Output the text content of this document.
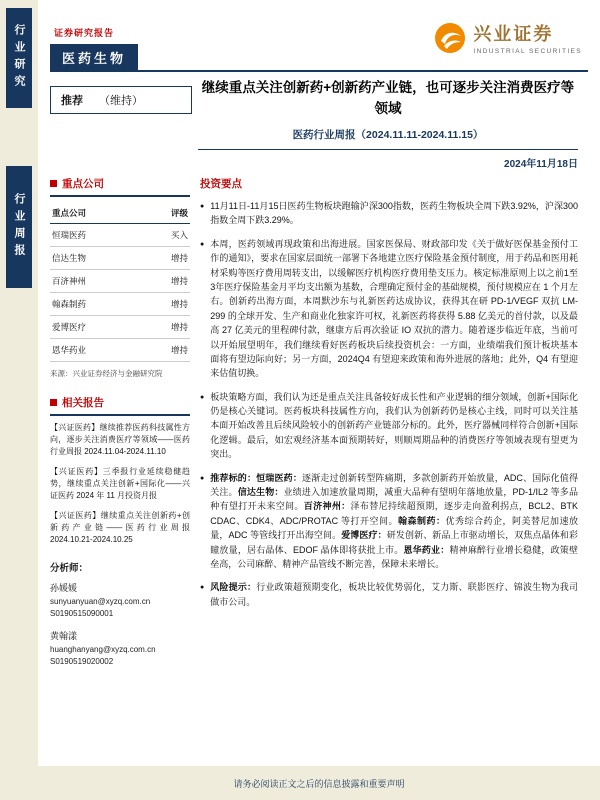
行业研究
行业周报
证券研究报告
医药生物
兴业证券
INDUSTRIAL SECURITIES
推荐 （维持）
继续重点关注创新药+创新药产业链，也可逐步关注消费医疗等领域
医药行业周报（2024.11.11-2024.11.15）
2024年11月18日
重点公司
重点公司	评级
恒瑞医药	买入
信达生物	增持
百济神州	增持
翰森制药	增持
爱博医疗	增持
恩华药业	增持
来源：兴业证券经济与金融研究院
相关报告
【兴证医药】继续推荐医药科技属性方向，逐步关注消费医疗等领域——医药行业周报 2024.11.04-2024.11.10
【兴证医药】三季报行业延续稳健趋势，继续重点关注创新+国际化——兴证医药 2024 年 11 月投资月报
【兴证医药】继续重点关注创新药+创新药产业链——医药行业周报 2024.10.21-2024.10.25
分析师：
孙媛媛
sunyuanyuan@xyzq.com.cn
S0190515090001
黄翰漾
huanghanyang@xyzq.com.cn
S0190519020002
投资要点
● 11月11日-11月15日医药生物板块跑输沪深300指数，医药生物板块全周下跌3.92%，沪深300指数全周下跌3.29%。
● 本周，医药领域再现政策和出海进展。国家医保局、财政部印发《关于做好医保基金预付工作的通知》，要求在国家层面统一部署下各地建立医疗保险基金预付制度，用于药品和医用耗材采购等医疗费用周转支出，以缓解医疗机构医疗费用垫支压力。核定标准原则上以之前1至3年医疗保险基金月平均支出额为基数，合理确定预付金的基础规模，预付规模应在 1 个月左右。创新药出海方面，本周默沙东与礼新医药达成协议，获得其在研 PD-1/VEGF 双抗 LM-299 的全球开发、生产和商业化独家许可权，礼新医药将获得 5.88 亿美元的首付款，以及最高 27 亿美元的里程碑付款，继康方后再次验证 IO 双抗的潜力。随着逐步临近年底，当前可以开始展望明年，我们继续看好医药板块后续投资机会：一方面，业绩端我们预计板块基本面将有望边际向好；另一方面，2024Q4 有望迎来政策和海外进展的落地；此外，Q4 有望迎来估值切换。
● 板块策略方面，我们认为还是重点关注具备较好成长性和产业逻辑的细分领域，创新+国际化仍是核心关键词。医药板块科技属性方向，我们认为创新药仍是核心主线，同时可以关注基本面开始改善且后续风险较小的创新药产业链部分标的。此外，医疗器械同样符合创新+国际化逻辑。最后，如宏观经济基本面预期转好，则顺周期品种的消费医疗等领域表现有望更为突出。
● 推荐标的：恒瑞医药：逐渐走过创新转型阵痛期，多款创新药开始放量，ADC、国际化值得关注。信达生物：业绩进入加速放量周期，减重大品种有望明年落地放量，PD-1/IL2 等多品种有望打开未来空间。百济神州：泽布替尼持续超预期，逐步走向盈利拐点，BCL2、BTK CDAC、CDK4、ADC/PROTAC 等打开空间。翰森制药：优秀综合药企，阿美替尼加速放量，ADC 等管线打开出海空间。爱博医疗：研发创新、新品上市驱动增长，双焦点晶体和彩瞳放量，居右晶体、EDOF 晶体即将获批上市。恩华药业：精神麻醉行业增长稳健，政策壁垒高，公司麻醉、精神产品管线不断完善，保障未来增长。
● 风险提示：行业政策超预期变化，板块比较优势弱化，艾力斯、联影医疗、锦波生物为我司做市公司。
请务必阅读正文之后的信息披露和重要声明
